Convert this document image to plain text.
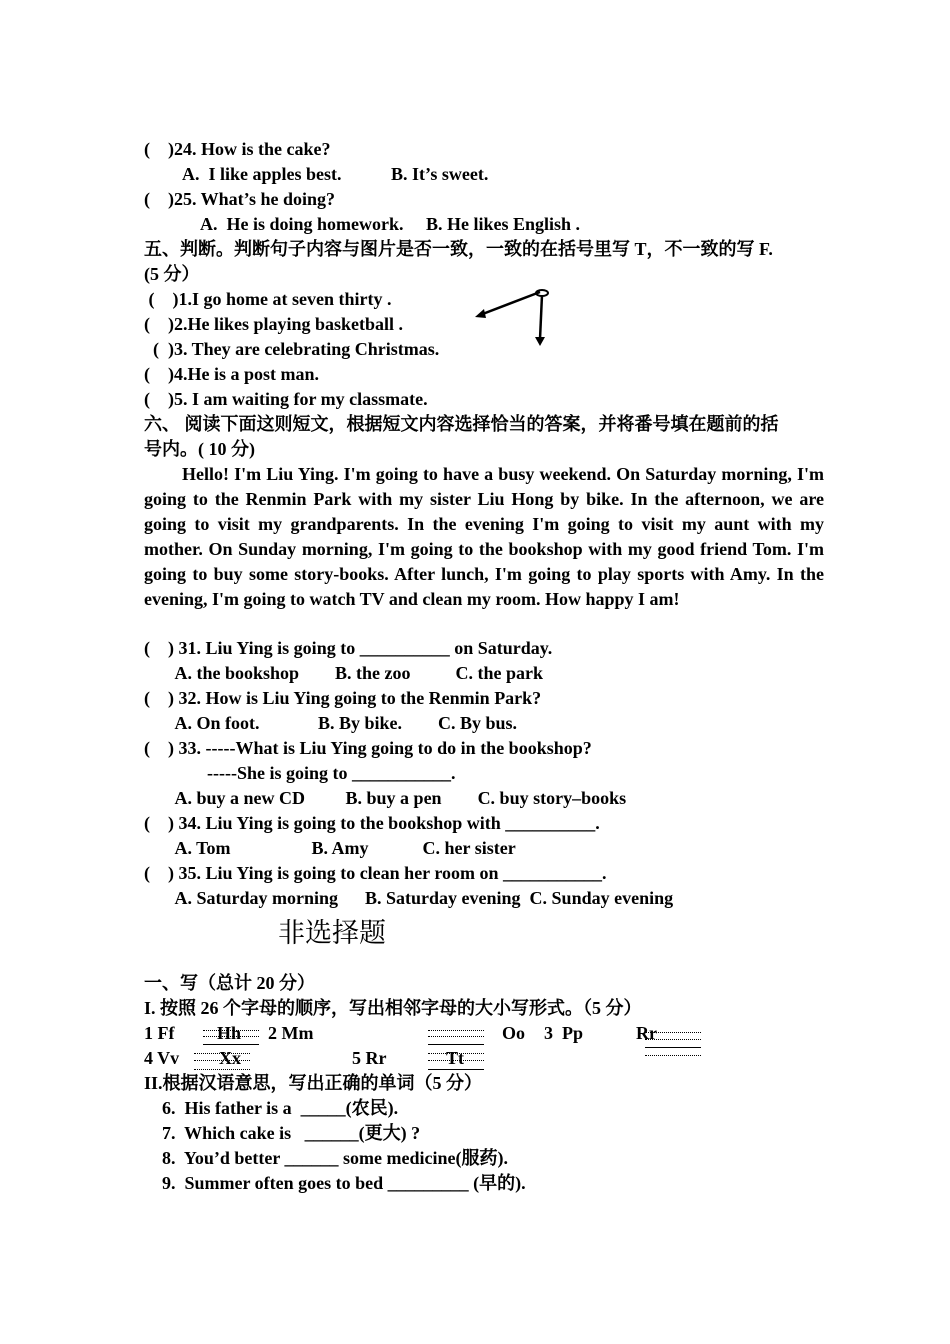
(    )24. How is the cake?
A.  I like apples best.           B. It’s sweet.
(    )25. What’s he doing?
A.  He is doing homework.     B. He likes English .
五、判断。判断句子内容与图片是否一致，一致的在括号里写 T，不一致的写 F.
(5 分）
(    )1.I go home at seven thirty .
(    )2.He likes playing basketball .
(  )3. They are celebrating Christmas.
(    )4.He is a post man.
(    )5. I am waiting for my classmate.
六、 阅读下面这则短文，根据短文内容选择恰当的答案，并将番号填在题前的括
号内。( 10 分)
Hello! I'm Liu Ying. I'm going to have a busy weekend. On Saturday morning, I'm going to the Renmin Park with my sister Liu Hong by bike. In the afternoon, we are going to visit my grandparents. In the evening I'm going to visit my aunt with my mother. On Sunday morning, I'm going to the bookshop with my good friend Tom. I'm going to buy some story-books. After lunch, I'm going to play sports with Amy. In the evening, I'm going to watch TV and clean my room. How happy I am!
(    ) 31. Liu Ying is going to __________ on Saturday.
A. the bookshop        B. the zoo          C. the park
(    ) 32. How is Liu Ying going to the Renmin Park?
A. On foot.             B. By bike.        C. By bus.
(    ) 33. -----What is Liu Ying going to do in the bookshop?
-----She is going to ___________.
A. buy a new CD         B. buy a pen        C. buy story–books
(    ) 34. Liu Ying is going to the bookshop with __________.
A. Tom                  B. Amy            C. her sister
(    ) 35. Liu Ying is going to clean her room on ___________.
A. Saturday morning      B. Saturday evening  C. Sunday evening
非选择题
一、写（总计 20 分）
I. 按照 26 个字母的顺序，写出相邻字母的大小写形式。（5 分）
1 Ff Hh 2 Mm	Oo 3  Pp	Rr
4 Vv Xx	5 Rr	Tt
II.根据汉语意思，写出正确的单词（5 分）
6.  His father is a  _____(农民).
7.  Which cake is   ______(更大) ?
8.  You’d better ______ some medicine(服药).
9.  Summer often goes to bed _________ (早的).
